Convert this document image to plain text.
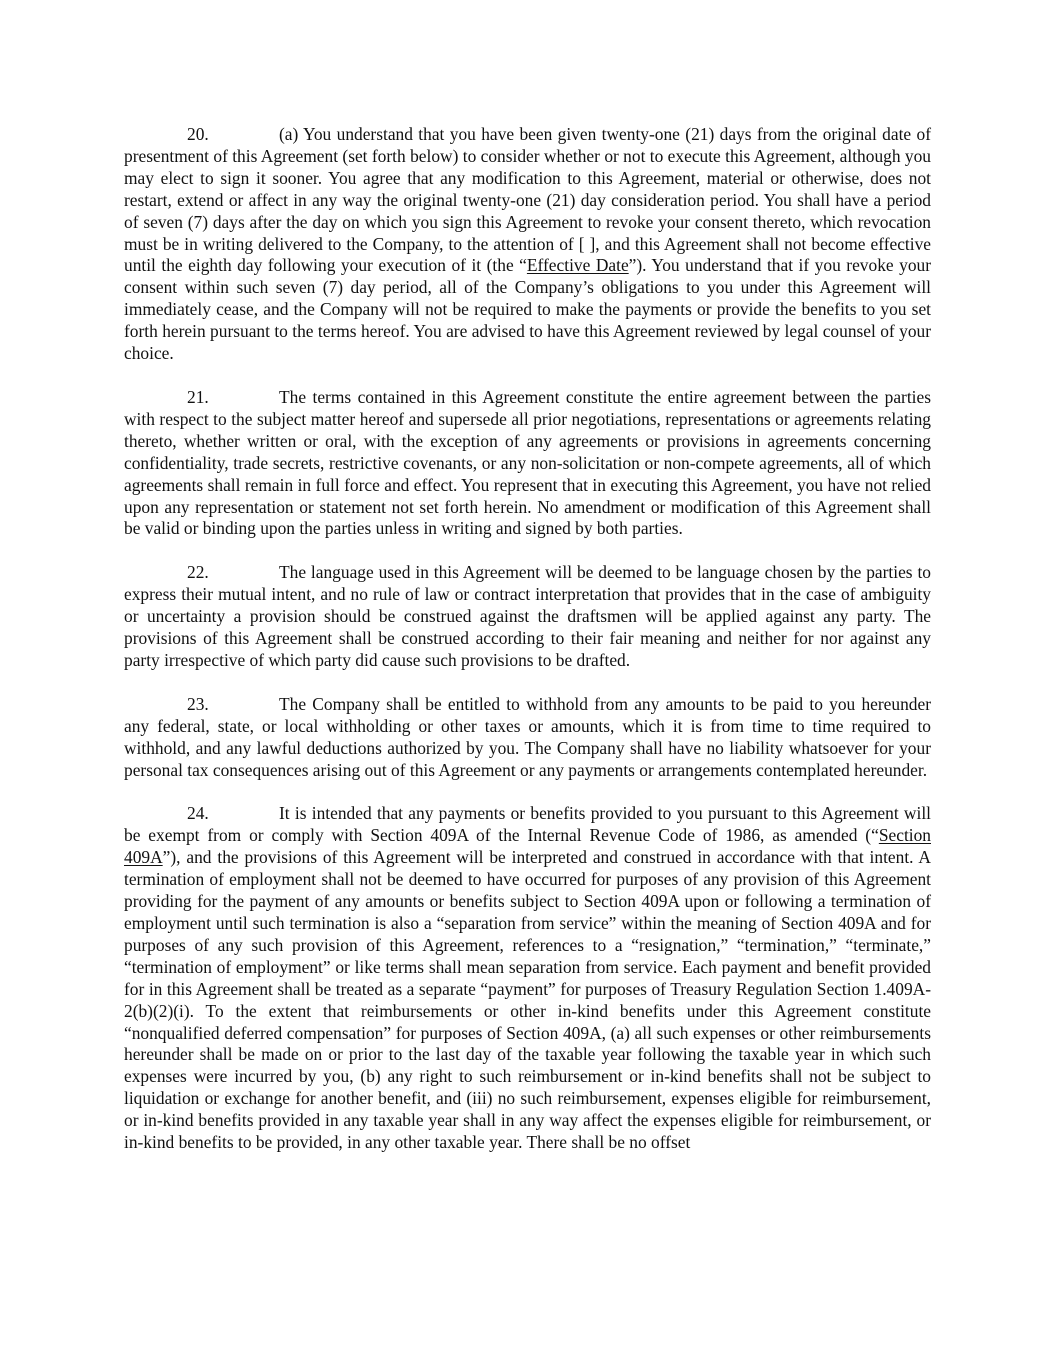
20.	(a) You understand that you have been given twenty-one (21) days from the original date of presentment of this Agreement (set forth below) to consider whether or not to execute this Agreement, although you may elect to sign it sooner. You agree that any modification to this Agreement, material or otherwise, does not restart, extend or affect in any way the original twenty-one (21) day consideration period. You shall have a period of seven (7) days after the day on which you sign this Agreement to revoke your consent thereto, which revocation must be in writing delivered to the Company, to the attention of [ ], and this Agreement shall not become effective until the eighth day following your execution of it (the “Effective Date”). You understand that if you revoke your consent within such seven (7) day period, all of the Company’s obligations to you under this Agreement will immediately cease, and the Company will not be required to make the payments or provide the benefits to you set forth herein pursuant to the terms hereof. You are advised to have this Agreement reviewed by legal counsel of your choice.

21.	The terms contained in this Agreement constitute the entire agreement between the parties with respect to the subject matter hereof and supersede all prior negotiations, representations or agreements relating thereto, whether written or oral, with the exception of any agreements or provisions in agreements concerning confidentiality, trade secrets, restrictive covenants, or any non-solicitation or non-compete agreements, all of which agreements shall remain in full force and effect. You represent that in executing this Agreement, you have not relied upon any representation or statement not set forth herein. No amendment or modification of this Agreement shall be valid or binding upon the parties unless in writing and signed by both parties.

22.	The language used in this Agreement will be deemed to be language chosen by the parties to express their mutual intent, and no rule of law or contract interpretation that provides that in the case of ambiguity or uncertainty a provision should be construed against the draftsmen will be applied against any party. The provisions of this Agreement shall be construed according to their fair meaning and neither for nor against any party irrespective of which party did cause such provisions to be drafted.

23.	The Company shall be entitled to withhold from any amounts to be paid to you hereunder any federal, state, or local withholding or other taxes or amounts, which it is from time to time required to withhold, and any lawful deductions authorized by you. The Company shall have no liability whatsoever for your personal tax consequences arising out of this Agreement or any payments or arrangements contemplated hereunder.

24.	It is intended that any payments or benefits provided to you pursuant to this Agreement will be exempt from or comply with Section 409A of the Internal Revenue Code of 1986, as amended (“Section 409A”), and the provisions of this Agreement will be interpreted and construed in accordance with that intent. A termination of employment shall not be deemed to have occurred for purposes of any provision of this Agreement providing for the payment of any amounts or benefits subject to Section 409A upon or following a termination of employment until such termination is also a “separation from service” within the meaning of Section 409A and for purposes of any such provision of this Agreement, references to a “resignation,” “termination,” “terminate,” “termination of employment” or like terms shall mean separation from service. Each payment and benefit provided for in this Agreement shall be treated as a separate “payment” for purposes of Treasury Regulation Section 1.409A-2(b)(2)(i). To the extent that reimbursements or other in-kind benefits under this Agreement constitute “nonqualified deferred compensation” for purposes of Section 409A, (a) all such expenses or other reimbursements hereunder shall be made on or prior to the last day of the taxable year following the taxable year in which such expenses were incurred by you, (b) any right to such reimbursement or in-kind benefits shall not be subject to liquidation or exchange for another benefit, and (iii) no such reimbursement, expenses eligible for reimbursement, or in-kind benefits provided in any taxable year shall in any way affect the expenses eligible for reimbursement, or in-kind benefits to be provided, in any other taxable year. There shall be no offset
